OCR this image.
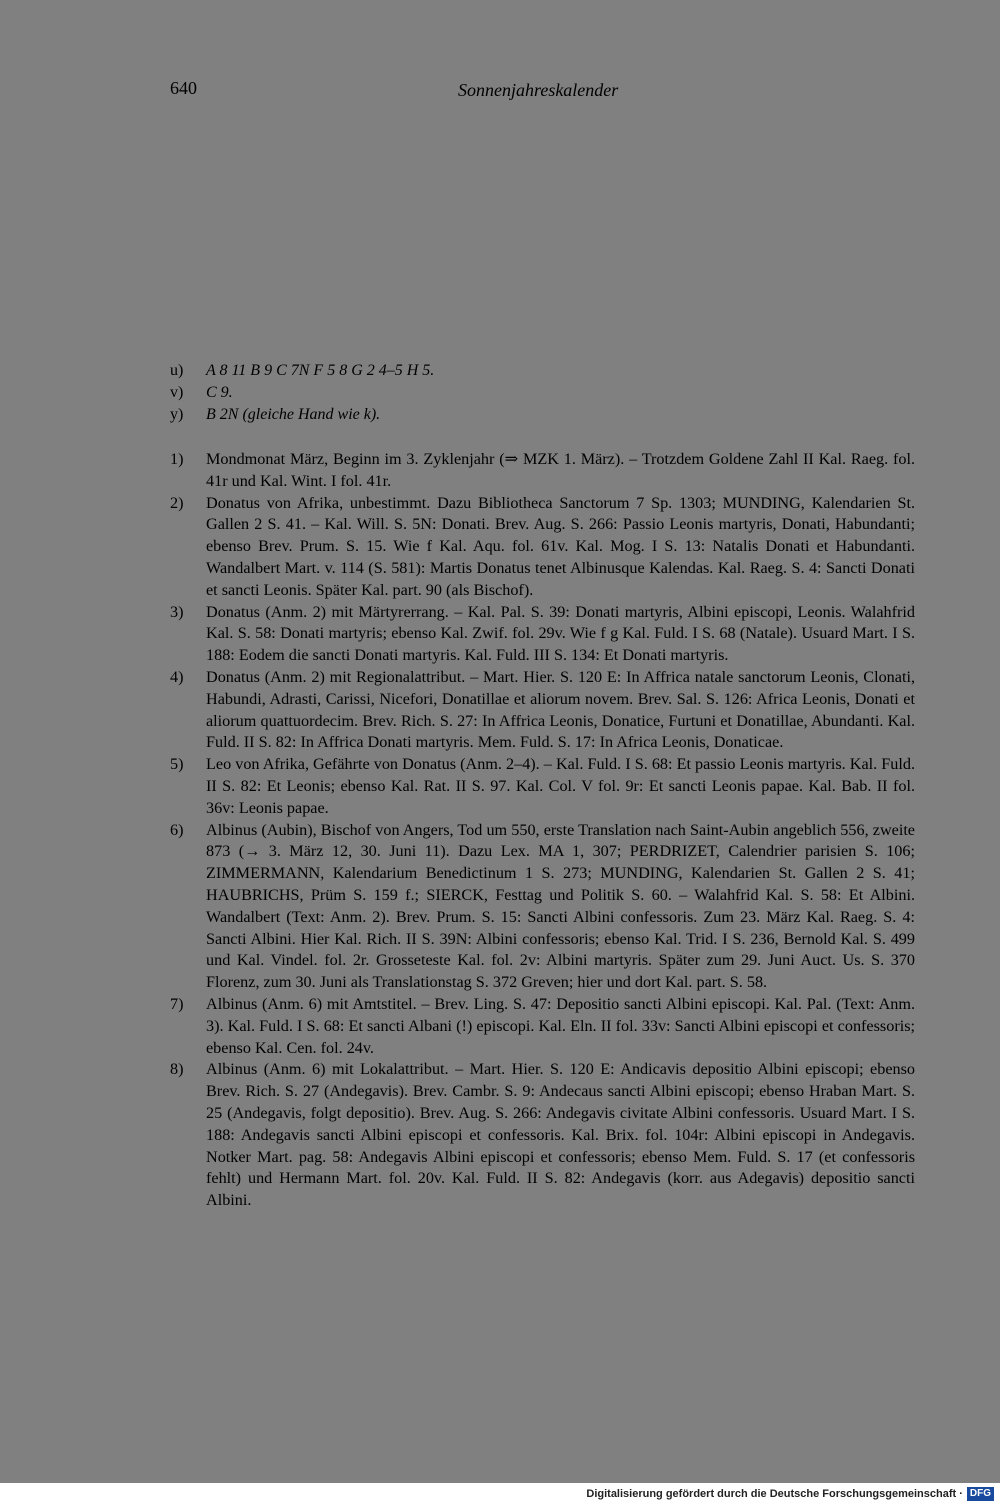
640	Sonnenjahreskalender
u)	A 8 11 B 9 C 7N F 5 8 G 2 4–5 H 5.
v)	C 9.
y)	B 2N (gleiche Hand wie k).
1)	Mondmonat März, Beginn im 3. Zyklenjahr (⇒ MZK 1. März). – Trotzdem Goldene Zahl II Kal. Raeg. fol. 41r und Kal. Wint. I fol. 41r.
2)	Donatus von Afrika, unbestimmt. Dazu Bibliotheca Sanctorum 7 Sp. 1303; MUNDING, Kalendarien St. Gallen 2 S. 41. – Kal. Will. S. 5N: Donati. Brev. Aug. S. 266: Passio Leonis martyris, Donati, Habundanti; ebenso Brev. Prum. S. 15. Wie f Kal. Aqu. fol. 61v. Kal. Mog. I S. 13: Natalis Donati et Habundanti. Wandalbert Mart. v. 114 (S. 581): Martis Donatus tenet Albinusque Kalendas. Kal. Raeg. S. 4: Sancti Donati et sancti Leonis. Später Kal. part. 90 (als Bischof).
3)	Donatus (Anm. 2) mit Märtyrerrang. – Kal. Pal. S. 39: Donati martyris, Albini episcopi, Leonis. Walahfrid Kal. S. 58: Donati martyris; ebenso Kal. Zwif. fol. 29v. Wie f g Kal. Fuld. I S. 68 (Natale). Usuard Mart. I S. 188: Eodem die sancti Donati martyris. Kal. Fuld. III S. 134: Et Donati martyris.
4)	Donatus (Anm. 2) mit Regionalattribut. – Mart. Hier. S. 120 E: In Affrica natale sanctorum Leonis, Clonati, Habundi, Adrasti, Carissi, Nicefori, Donatillae et aliorum novem. Brev. Sal. S. 126: Africa Leonis, Donati et aliorum quattuordecim. Brev. Rich. S. 27: In Affrica Leonis, Donatice, Furtuni et Donatillae, Abundanti. Kal. Fuld. II S. 82: In Affrica Donati martyris. Mem. Fuld. S. 17: In Africa Leonis, Donaticae.
5)	Leo von Afrika, Gefährte von Donatus (Anm. 2–4). – Kal. Fuld. I S. 68: Et passio Leonis martyris. Kal. Fuld. II S. 82: Et Leonis; ebenso Kal. Rat. II S. 97. Kal. Col. V fol. 9r: Et sancti Leonis papae. Kal. Bab. II fol. 36v: Leonis papae.
6)	Albinus (Aubin), Bischof von Angers, Tod um 550, erste Translation nach Saint-Aubin angeblich 556, zweite 873 (→ 3. März 12, 30. Juni 11). Dazu Lex. MA 1, 307; PERDRIZET, Calendrier parisien S. 106; ZIMMERMANN, Kalendarium Benedictinum 1 S. 273; MUNDING, Kalendarien St. Gallen 2 S. 41; HAUBRICHS, Prüm S. 159 f.; SIERCK, Festtag und Politik S. 60. – Walahfrid Kal. S. 58: Et Albini. Wandalbert (Text: Anm. 2). Brev. Prum. S. 15: Sancti Albini confessoris. Zum 23. März Kal. Raeg. S. 4: Sancti Albini. Hier Kal. Rich. II S. 39N: Albini confessoris; ebenso Kal. Trid. I S. 236, Bernold Kal. S. 499 und Kal. Vindel. fol. 2r. Grosseteste Kal. fol. 2v: Albini martyris. Später zum 29. Juni Auct. Us. S. 370 Florenz, zum 30. Juni als Translationstag S. 372 Greven; hier und dort Kal. part. S. 58.
7)	Albinus (Anm. 6) mit Amtstitel. – Brev. Ling. S. 47: Depositio sancti Albini episcopi. Kal. Pal. (Text: Anm. 3). Kal. Fuld. I S. 68: Et sancti Albani (!) episcopi. Kal. Eln. II fol. 33v: Sancti Albini episcopi et confessoris; ebenso Kal. Cen. fol. 24v.
8)	Albinus (Anm. 6) mit Lokalattribut. – Mart. Hier. S. 120 E: Andicavis depositio Albini episcopi; ebenso Brev. Rich. S. 27 (Andegavis). Brev. Cambr. S. 9: Andecaus sancti Albini episcopi; ebenso Hraban Mart. S. 25 (Andegavis, folgt depositio). Brev. Aug. S. 266: Andegavis civitate Albini confessoris. Usuard Mart. I S. 188: Andegavis sancti Albini episcopi et confessoris. Kal. Brix. fol. 104r: Albini episcopi in Andegavis. Notker Mart. pag. 58: Andegavis Albini episcopi et confessoris; ebenso Mem. Fuld. S. 17 (et confessoris fehlt) und Hermann Mart. fol. 20v. Kal. Fuld. II S. 82: Andegavis (korr. aus Adegavis) depositio sancti Albini.
Digitalisierung gefördert durch die Deutsche Forschungsgemeinschaft · DFG
